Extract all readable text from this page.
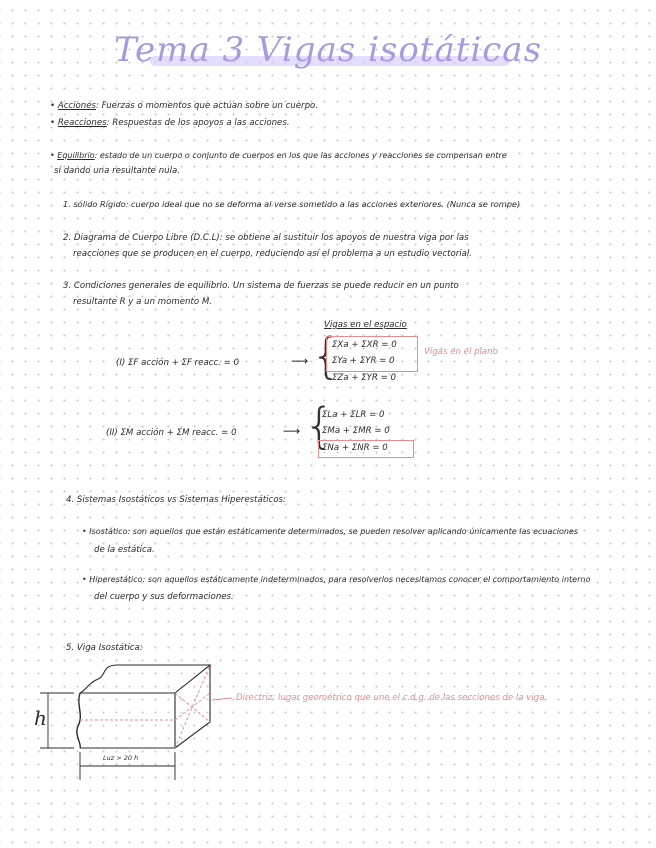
Tema 3 Vigas isotáticas
• Acciones: Fuerzas o momentos que actúan sobre un cuerpo.
• Reacciones: Respuestas de los apoyos a las acciones.
• Equilibrio: estado de un cuerpo o conjunto de cuerpos en los que las acciones y reacciones se compensan entre
sí dando una resultante nula.
1. sólido Rígido: cuerpo ideal que no se deforma al verse sometido a las acciones exteriores. (Nunca se rompe)
2. Diagrama de Cuerpo Libre (D.C.L): se obtiene al sustituir los apoyos de nuestra viga por las
reacciones que se producen en el cuerpo, reduciendo así el problema a un estudio vectorial.
3. Condiciones generales de equilibrio. Un sistema de fuerzas se puede reducir en un punto
resultante R y a un momento M.
Vigas en el espacio
(I) ΣF acción + ΣF reacc. = 0	⟶ {
ΣXa + ΣXR = 0
ΣYa + ΣYR = 0
ΣZa + ΣYR = 0
Vigas en el plano
(II) ΣM acción + ΣM reacc. = 0	⟶ {
ΣLa + ΣLR = 0
ΣMa + ΣMR = 0
ΣNa + ΣNR = 0
4. Sistemas Isostáticos vs Sistemas Hiperestáticos:
• Isostático: son aquellos que están estáticamente determinados, se pueden resolver aplicando únicamente las ecuaciones
de la estática.
• Hiperestático: son aquellos estáticamente indeterminados, para resolverlos necesitamos conocer el comportamiento interno
del cuerpo y sus deformaciones.
5. Viga Isostática:
h
Luz > 20 h
Directriz: lugar geométrico que une el c.d.g. de las secciones de la viga.
